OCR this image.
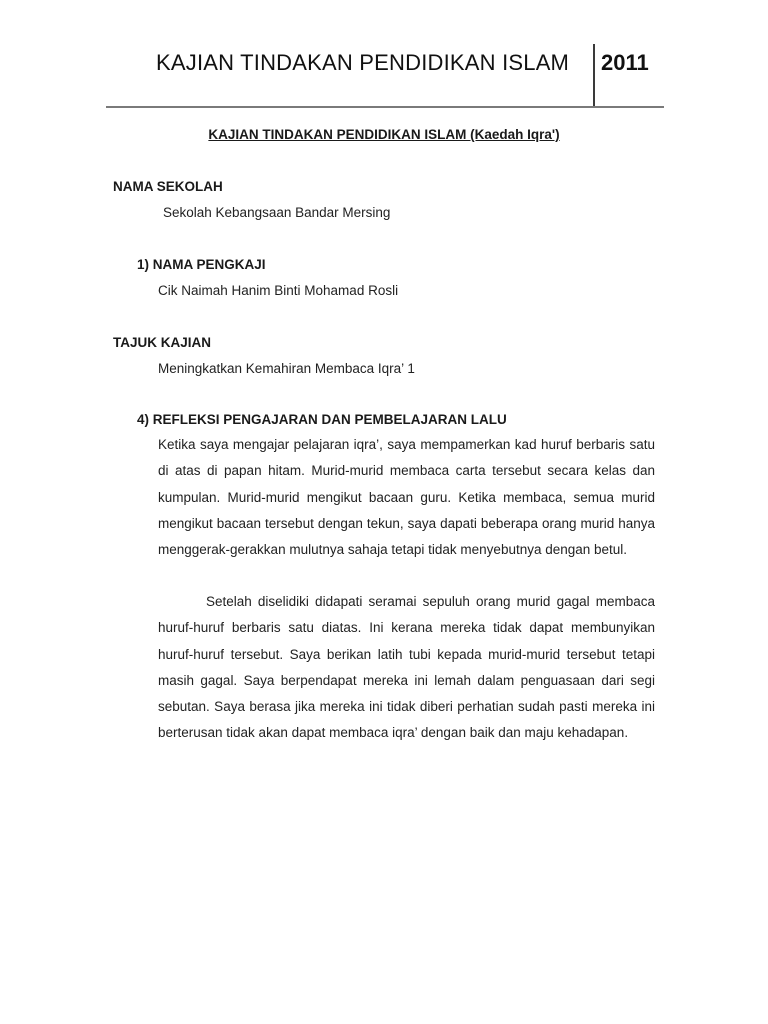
KAJIAN TINDAKAN PENDIDIKAN ISLAM 2011
KAJIAN TINDAKAN PENDIDIKAN ISLAM (Kaedah Iqra')
NAMA SEKOLAH
Sekolah Kebangsaan Bandar Mersing
1) NAMA PENGKAJI
Cik Naimah Hanim Binti Mohamad Rosli
TAJUK KAJIAN
Meningkatkan Kemahiran Membaca Iqra’ 1
4) REFLEKSI PENGAJARAN DAN PEMBELAJARAN LALU

Ketika saya mengajar pelajaran iqra’, saya mempamerkan kad huruf berbaris satu di atas di papan hitam. Murid-murid membaca carta tersebut secara kelas dan kumpulan. Murid-murid mengikut bacaan guru. Ketika membaca, semua murid mengikut bacaan tersebut dengan tekun, saya dapati beberapa orang murid hanya menggerak-gerakkan mulutnya sahaja tetapi tidak menyebutnya dengan betul.

Setelah diselidiki didapati seramai sepuluh orang murid gagal membaca huruf-huruf berbaris satu diatas. Ini kerana mereka tidak dapat membunyikan huruf-huruf tersebut. Saya berikan latih tubi kepada murid-murid tersebut tetapi masih gagal. Saya berpendapat mereka ini lemah dalam penguasaan dari segi sebutan. Saya berasa jika mereka ini tidak diberi perhatian sudah pasti mereka ini berterusan tidak akan dapat membaca iqra’ dengan baik dan maju kehadapan.
